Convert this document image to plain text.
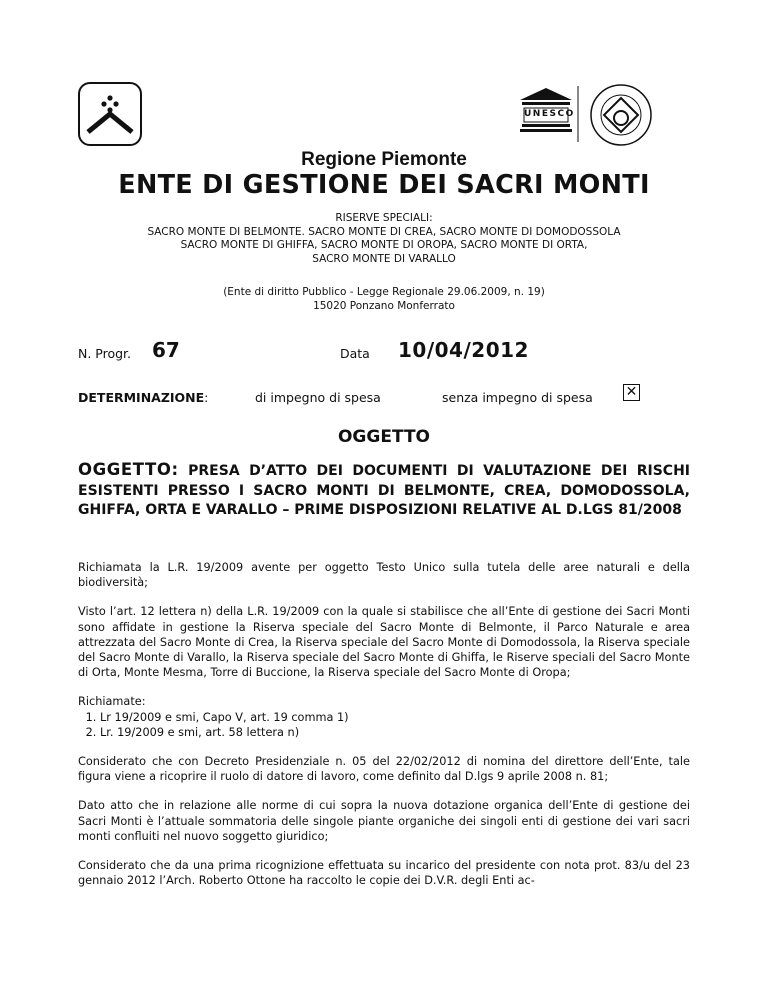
UNESCO
Regione Piemonte
ENTE DI GESTIONE DEI SACRI MONTI
RISERVE SPECIALI:
SACRO MONTE DI BELMONTE. SACRO MONTE DI CREA, SACRO MONTE DI DOMODOSSOLA
SACRO MONTE DI GHIFFA, SACRO MONTE DI OROPA, SACRO MONTE DI ORTA,
SACRO MONTE DI VARALLO
(Ente di diritto Pubblico - Legge Regionale 29.06.2009, n. 19)
15020 Ponzano Monferrato
N. Progr. 67	Data 10/04/2012
DETERMINAZIONE:	di impegno di spesa	senza impegno di spesa ✕
OGGETTO
OGGETTO: PRESA D’ATTO DEI DOCUMENTI DI VALUTAZIONE DEI RISCHI ESISTENTI PRESSO I SACRO MONTI DI BELMONTE, CREA, DOMODOSSOLA, GHIFFA, ORTA E VARALLO – PRIME DISPOSIZIONI RELATIVE AL D.LGS 81/2008

Richiamata la L.R. 19/2009 avente per oggetto Testo Unico sulla tutela delle aree naturali e della biodiversità;

Visto l’art. 12 lettera n) della L.R. 19/2009 con la quale si stabilisce che all’Ente di gestione dei Sacri Monti sono affidate in gestione la Riserva speciale del Sacro Monte di Belmonte, il Parco Naturale e area attrezzata del Sacro Monte di Crea, la Riserva speciale del Sacro Monte di Domodossola, la Riserva speciale del Sacro Monte di Varallo, la Riserva speciale del Sacro Monte di Ghiffa, le Riserve speciali del Sacro Monte di Orta, Monte Mesma, Torre di Buccione, la Riserva speciale del Sacro Monte di Oropa;

Richiamate:
1. Lr 19/2009 e smi, Capo V, art. 19 comma 1)
2. Lr. 19/2009 e smi, art. 58 lettera n)

Considerato che con Decreto Presidenziale n. 05 del 22/02/2012 di nomina del direttore dell’Ente, tale figura viene a ricoprire il ruolo di datore di lavoro, come definito dal D.lgs 9 aprile 2008 n. 81;

Dato atto che in relazione alle norme di cui sopra la nuova dotazione organica dell’Ente di gestione dei Sacri Monti è l’attuale sommatoria delle singole piante organiche dei singoli enti di gestione dei vari sacri monti confluiti nel nuovo soggetto giuridico;

Considerato che da una prima ricognizione effettuata su incarico del presidente con nota prot. 83/u del 23 gennaio 2012 l’Arch. Roberto Ottone ha raccolto le copie dei D.V.R. degli Enti ac-
